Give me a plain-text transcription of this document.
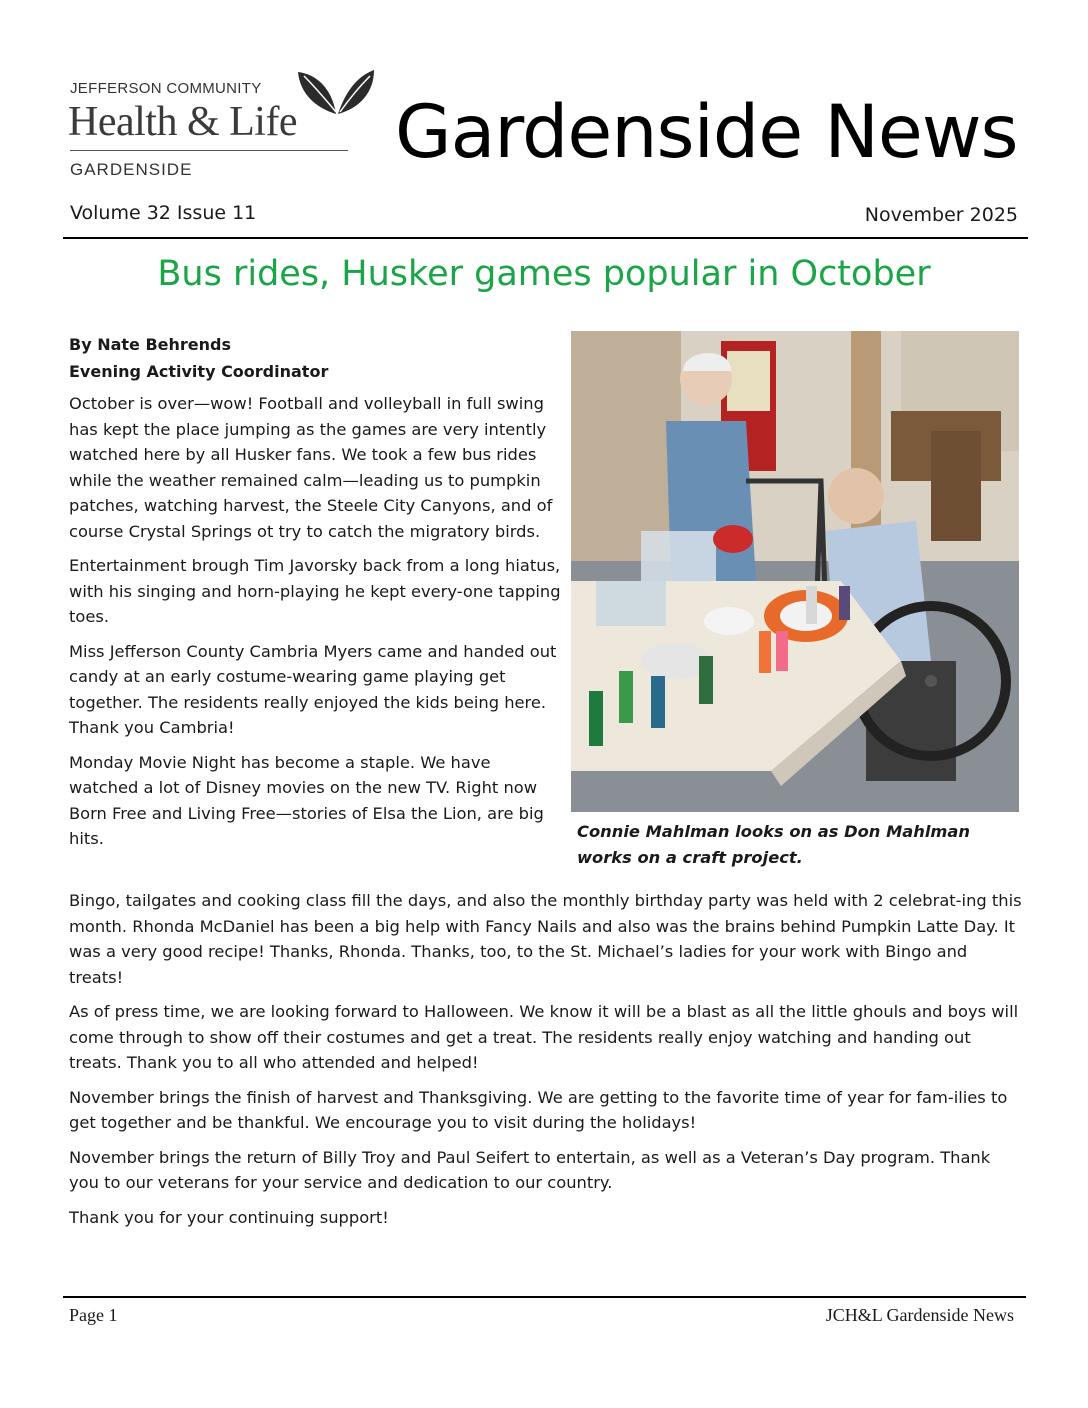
JEFFERSON COMMUNITY
Health & Life
GARDENSIDE	Gardenside News
Volume 32 Issue 11	November 2025
Bus rides, Husker games popular in October
By Nate Behrends
Evening Activity Coordinator

October is over—wow! Football and volleyball in full swing has kept the place jumping as the games are very intently watched here by all Husker fans. We took a few bus rides while the weather remained calm—leading us to pumpkin patches, watching harvest, the Steele City Canyons, and of course Crystal Springs ot try to catch the migratory birds.

Entertainment brough Tim Javorsky back from a long hiatus, with his singing and horn-playing he kept every-one tapping toes.

Miss Jefferson County Cambria Myers came and handed out candy at an early costume-wearing game playing get together. The residents really enjoyed the kids being here. Thank you Cambria!

Monday Movie Night has become a staple. We have watched a lot of Disney movies on the new TV. Right now Born Free and Living Free—stories of Elsa the Lion, are big hits.	Connie Mahlman looks on as Don Mahlman works on a craft project.

Bingo, tailgates and cooking class fill the days, and also the monthly birthday party was held with 2 celebrat-ing this month. Rhonda McDaniel has been a big help with Fancy Nails and also was the brains behind Pumpkin Latte Day. It was a very good recipe! Thanks, Rhonda. Thanks, too, to the St. Michael’s ladies for your work with Bingo and treats!

As of press time, we are looking forward to Halloween. We know it will be a blast as all the little ghouls and boys will come through to show off their costumes and get a treat. The residents really enjoy watching and handing out treats. Thank you to all who attended and helped!

November brings the finish of harvest and Thanksgiving. We are getting to the favorite time of year for fam-ilies to get together and be thankful. We encourage you to visit during the holidays!

November brings the return of Billy Troy and Paul Seifert to entertain, as well as a Veteran’s Day program. Thank you to our veterans for your service and dedication to our country.

Thank you for your continuing support!

Page 1	JCH&L Gardenside News
